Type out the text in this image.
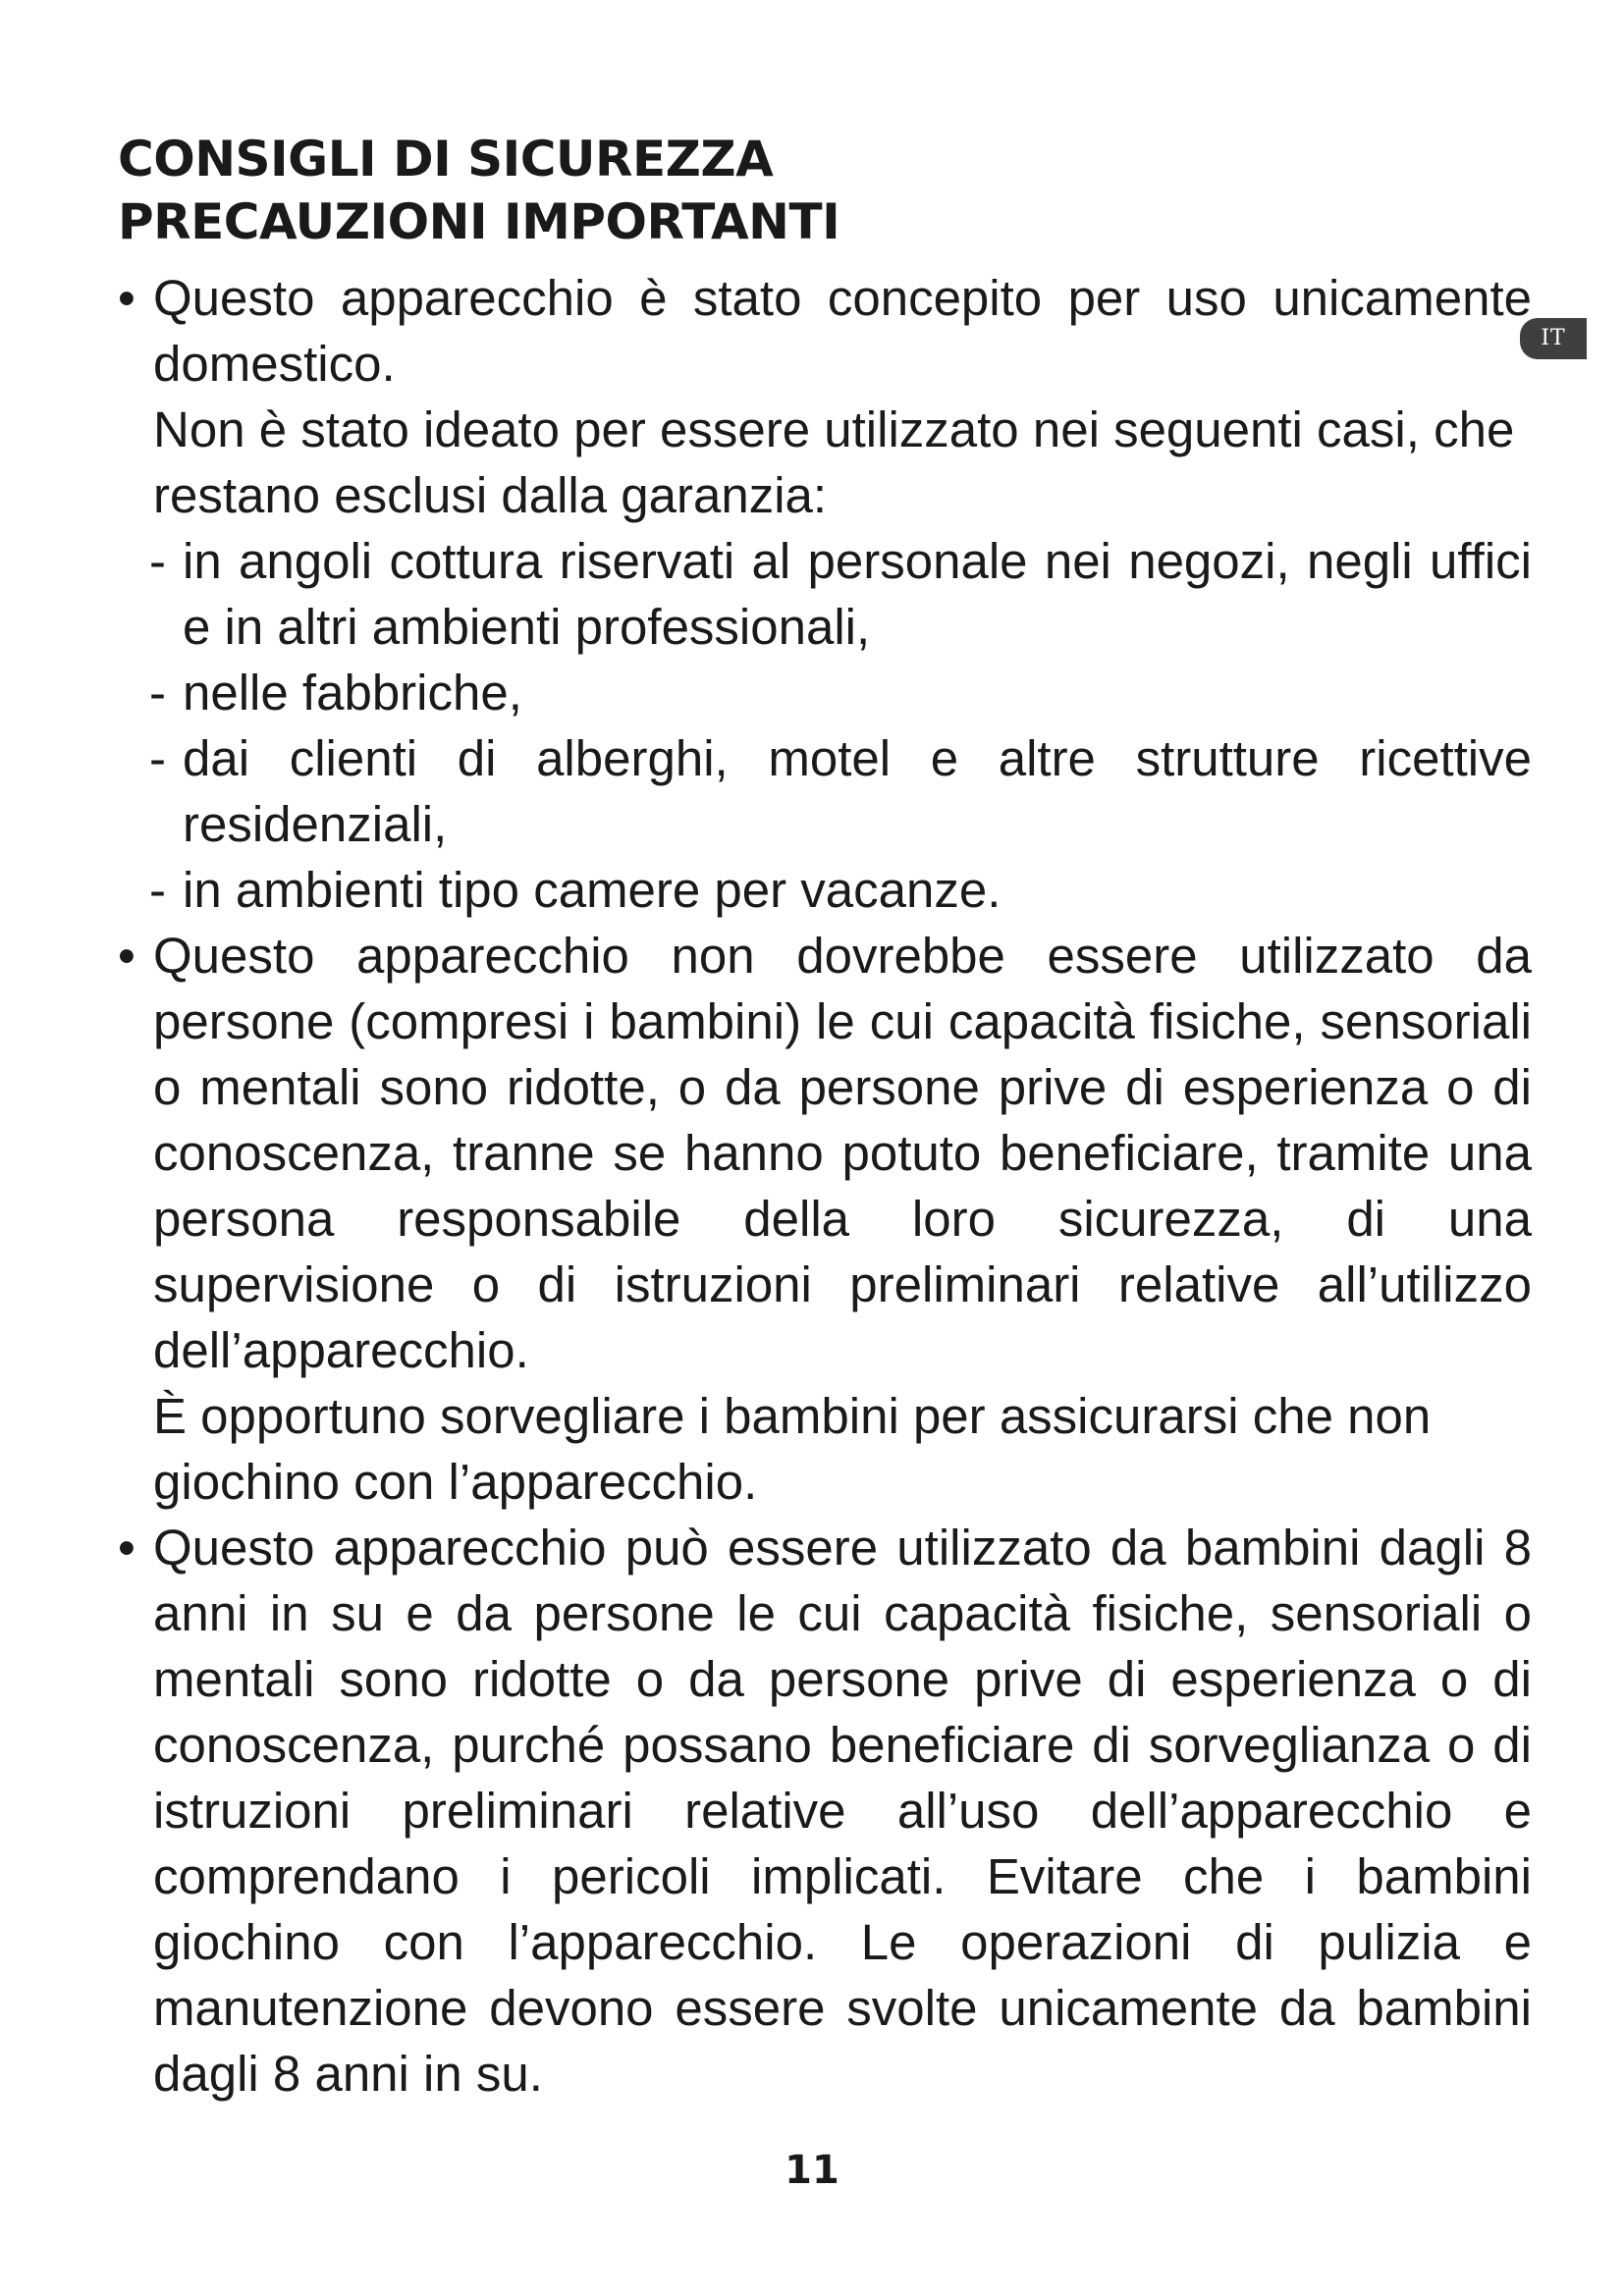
CONSIGLI DI SICUREZZA
PRECAUZIONI IMPORTANTI
IT
• Questo apparecchio è stato concepito per uso unicamente domestico.
Non è stato ideato per essere utilizzato nei seguenti casi, che restano esclusi dalla garanzia:
- in angoli cottura riservati al personale nei negozi, negli uffici e in altri ambienti professionali,
- nelle fabbriche,
- dai clienti di alberghi, motel e altre strutture ricettive residenziali,
- in ambienti tipo camere per vacanze.
• Questo apparecchio non dovrebbe essere utilizzato da persone (compresi i bambini) le cui capacità fisiche, sensoriali o mentali sono ridotte, o da persone prive di esperienza o di conoscenza, tranne se hanno potuto beneficiare, tramite una persona responsabile della loro sicurezza, di una supervisione o di istruzioni preliminari relative all’utilizzo dell’apparecchio.
È opportuno sorvegliare i bambini per assicurarsi che non giochino con l’apparecchio.
• Questo apparecchio può essere utilizzato da bambini dagli 8 anni in su e da persone le cui capacità fisiche, sensoriali o mentali sono ridotte o da persone prive di esperienza o di conoscenza, purché possano beneficiare di sorveglianza o di istruzioni preliminari relative all’uso dell’apparecchio e comprendano i pericoli implicati. Evitare che i bambini giochino con l’apparecchio. Le operazioni di pulizia e manutenzione devono essere svolte unicamente da bambini dagli 8 anni in su.
11
